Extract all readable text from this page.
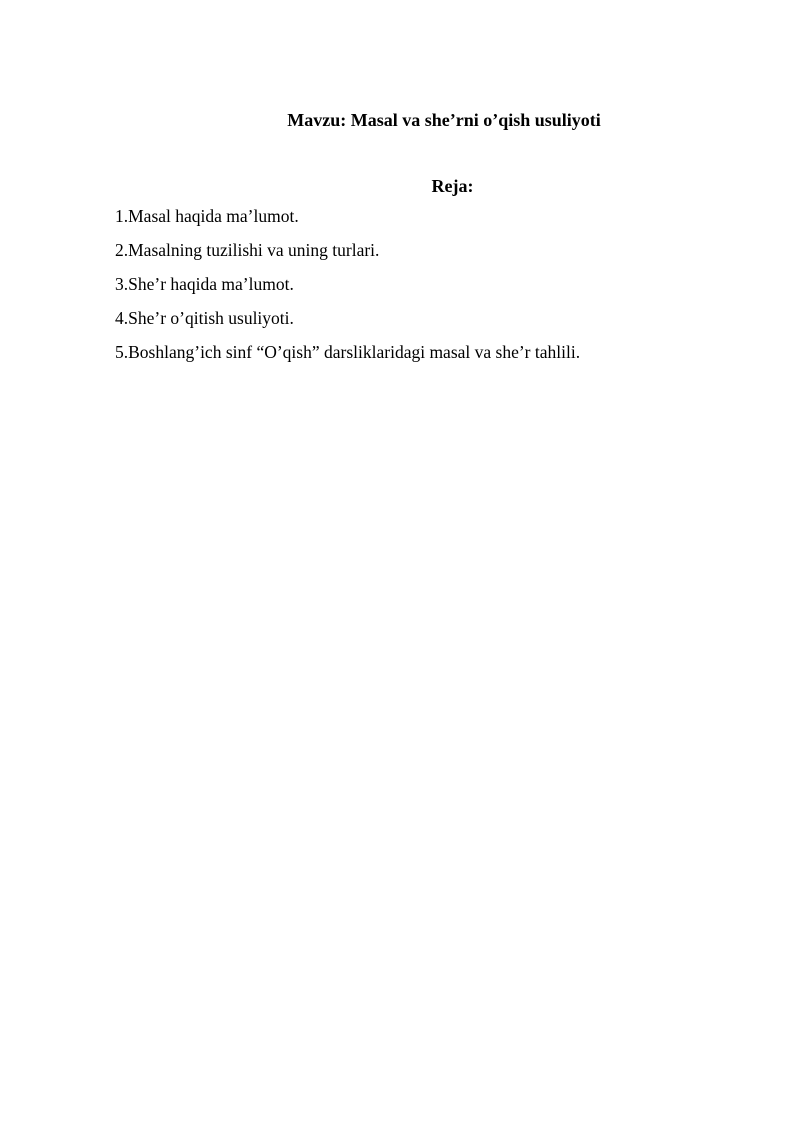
Mavzu: Masal va she’rni o’qish usuliyoti
Reja:
1.Masal haqida ma’lumot.
2.Masalning tuzilishi va uning turlari.
3.She’r haqida ma’lumot.
4.She’r o’qitish usuliyoti.
5.Boshlang’ich sinf “O’qish” darsliklaridagi masal va she’r tahlili.
